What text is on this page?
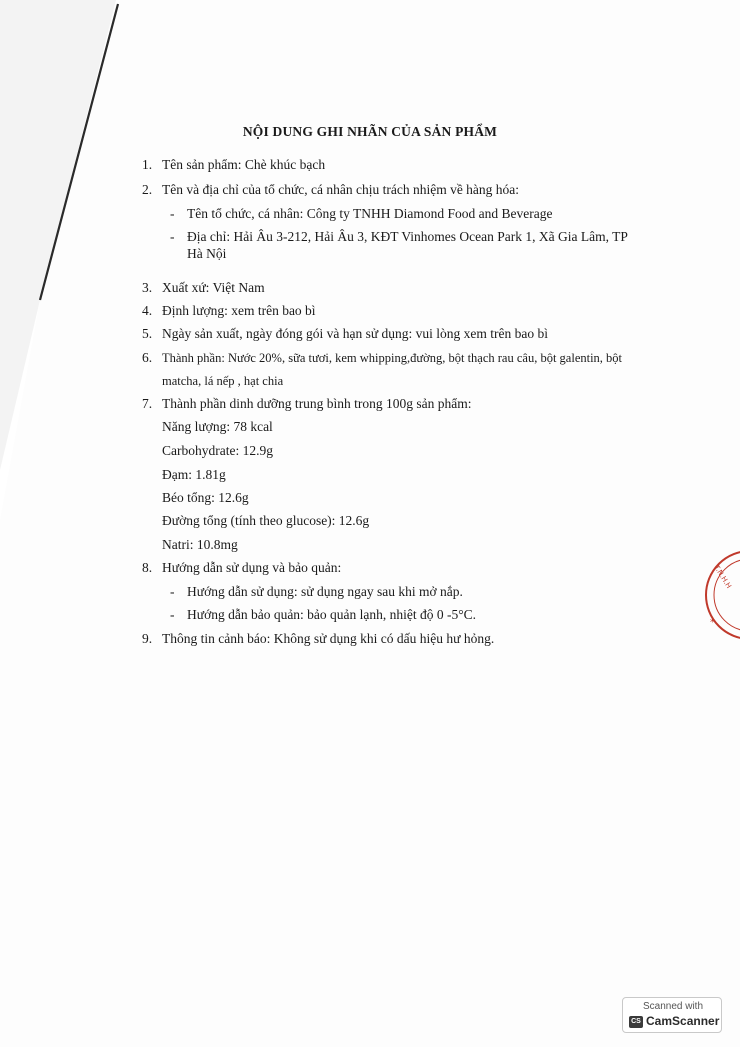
NỘI DUNG GHI NHÃN CỦA SẢN PHẨM
1. Tên sản phẩm: Chè khúc bạch
2. Tên và địa chỉ của tổ chức, cá nhân chịu trách nhiệm về hàng hóa:
- Tên tổ chức, cá nhân: Công ty TNHH Diamond Food and Beverage
- Địa chỉ: Hải Âu 3-212, Hải Âu 3, KĐT Vinhomes Ocean Park 1, Xã Gia Lâm, TP
Hà Nội
3. Xuất xứ: Việt Nam
4. Định lượng: xem trên bao bì
5. Ngày sản xuất, ngày đóng gói và hạn sử dụng: vui lòng xem trên bao bì
6. Thành phần: Nước 20%, sữa tươi, kem whipping,đường, bột thạch rau câu, bột galentin, bột
matcha, lá nếp , hạt chia
7. Thành phần dinh dưỡng trung bình trong 100g sản phẩm:
Năng lượng: 78 kcal
Carbohydrate: 12.9g
Đạm: 1.81g
Béo tổng: 12.6g
Đường tổng (tính theo glucose): 12.6g
Natri: 10.8mg
8. Hướng dẫn sử dụng và bảo quản:
- Hướng dẫn sử dụng: sử dụng ngay sau khi mở nắp.
- Hướng dẫn bảo quản: bảo quản lạnh, nhiệt độ 0 -5°C.
9. Thông tin cảnh báo: Không sử dụng khi có dấu hiệu hư hỏng.
T.N.H.H
*
Scanned with
CS CamScanner
